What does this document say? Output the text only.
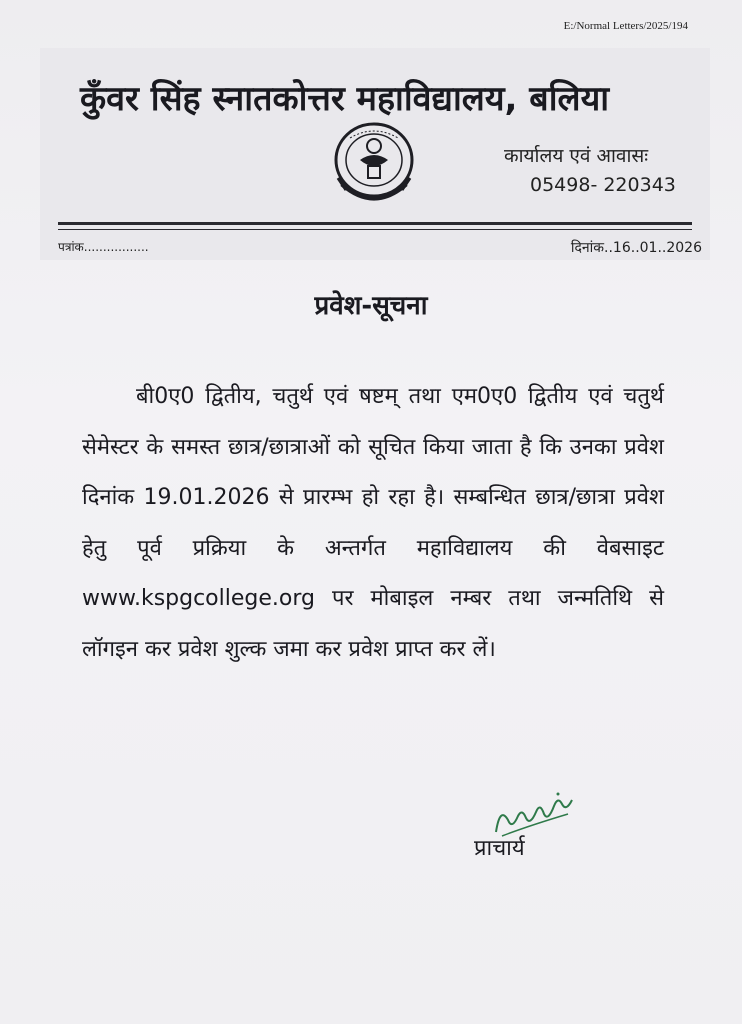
E:/Normal Letters/2025/194
कुँवर सिंह स्नातकोत्तर महाविद्यालय, बलिया
कार्यालय एवं आवासः
05498- 220343
पत्रांक.................	दिनांक..16..01..2026
प्रवेश-सूचना
बी0ए0 द्वितीय, चतुर्थ एवं षष्टम् तथा एम0ए0 द्वितीय एवं चतुर्थ सेमेस्टर के समस्त छात्र/छात्राओं को सूचित किया जाता है कि उनका प्रवेश दिनांक 19.01.2026 से प्रारम्भ हो रहा है। सम्बन्धित छात्र/छात्रा प्रवेश हेतु पूर्व प्रक्रिया के अन्तर्गत महाविद्यालय की वेबसाइट www.kspgcollege.org पर मोबाइल नम्बर तथा जन्मतिथि से लॉगइन कर प्रवेश शुल्क जमा कर प्रवेश प्राप्त कर लें।
प्राचार्य
